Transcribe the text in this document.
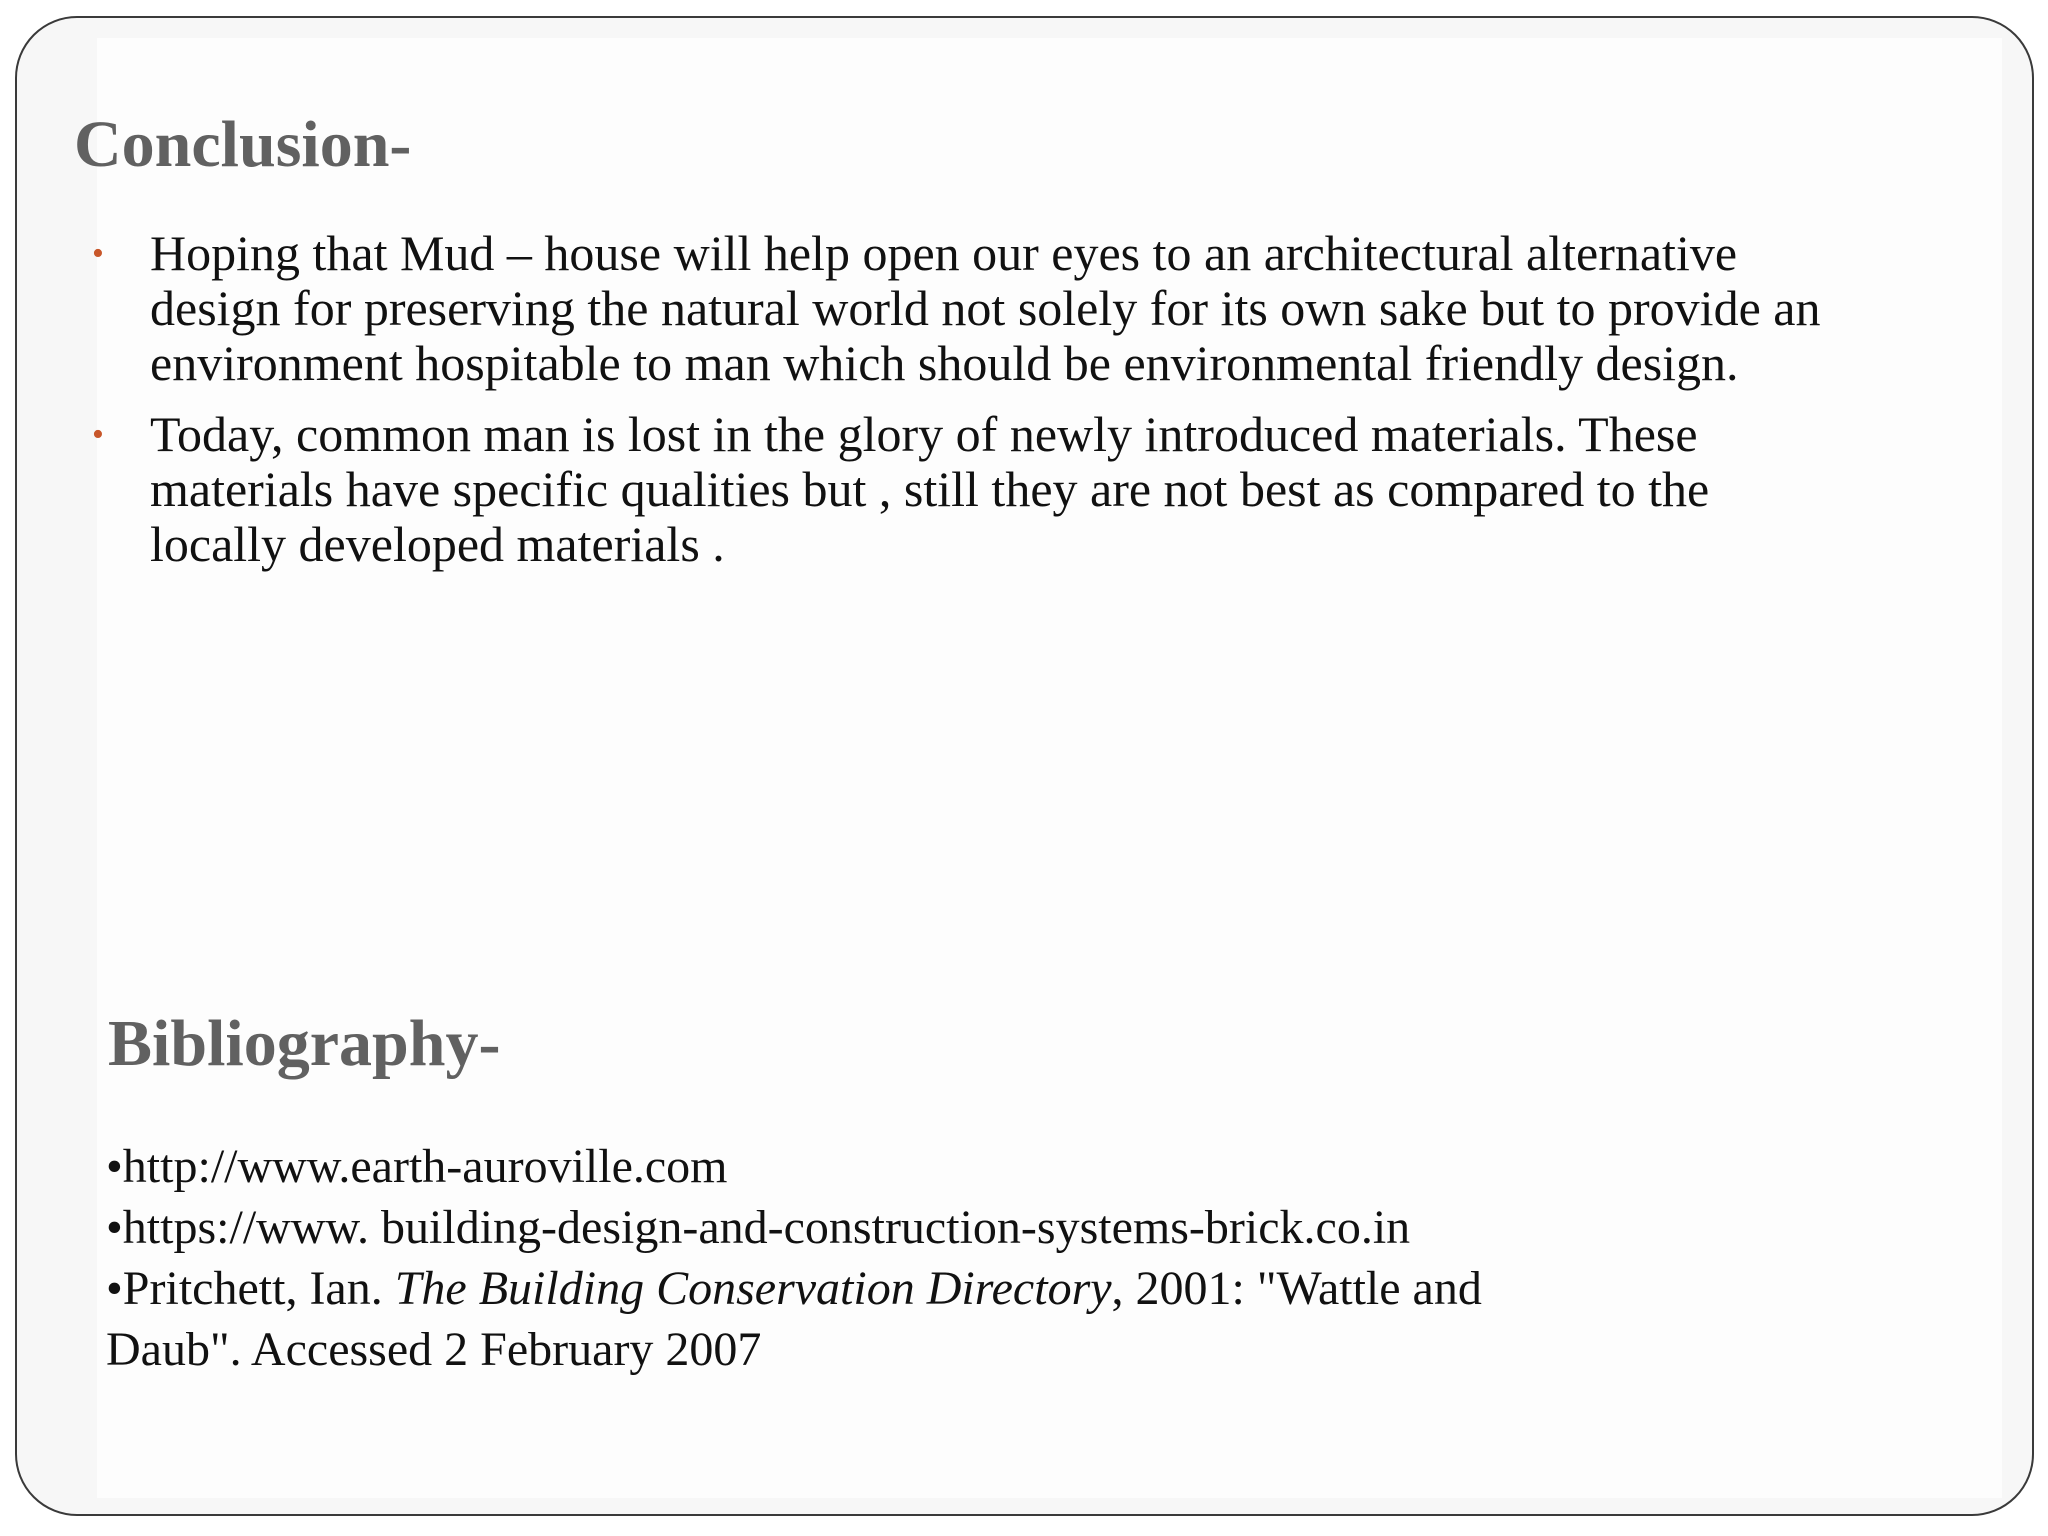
Conclusion-
• Hoping that Mud – house will help open our eyes to an architectural alternative design for preserving the natural world not solely for its own sake but to provide an environment hospitable to man which should be environmental friendly design.
• Today, common man is lost in the glory of newly introduced materials. These materials have specific qualities but , still they are not best as compared to the locally developed materials .
Bibliography-
•http://www.earth-auroville.com
•https://www. building-design-and-construction-systems-brick.co.in
•Pritchett, Ian. The Building Conservation Directory, 2001: "Wattle and
Daub". Accessed 2 February 2007
